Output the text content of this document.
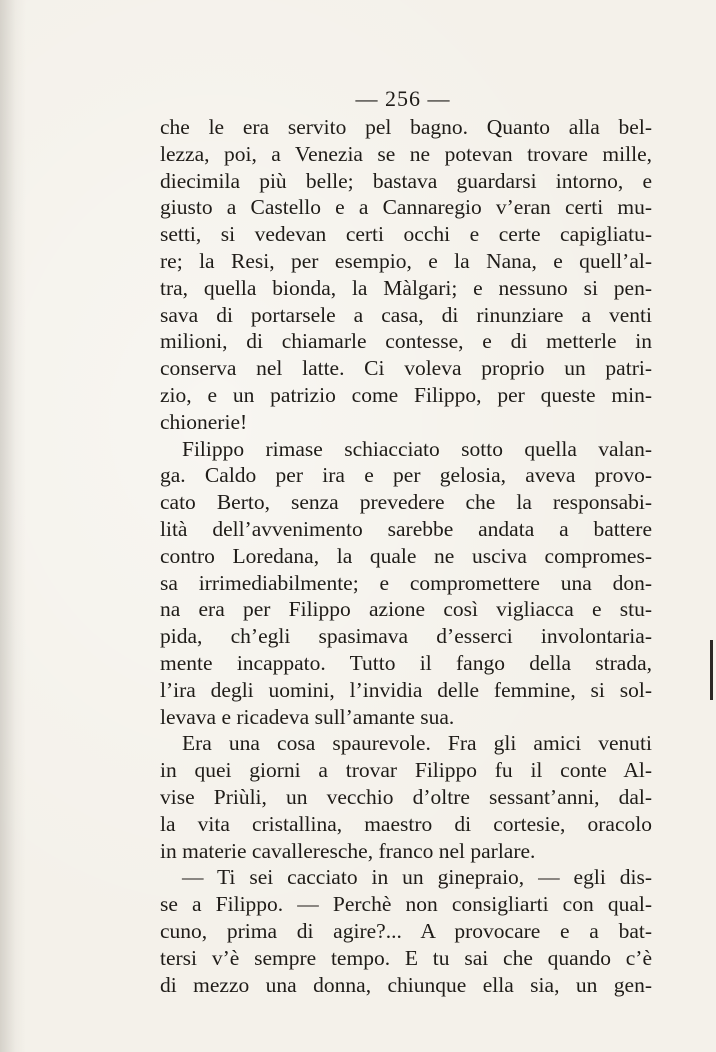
— 256 —
che le era servito pel bagno. Quanto alla bel-
lezza, poi, a Venezia se ne potevan trovare mille,
diecimila più belle; bastava guardarsi intorno, e
giusto a Castello e a Cannaregio v’eran certi mu-
setti, si vedevan certi occhi e certe capigliatu-
re; la Resi, per esempio, e la Nana, e quell’al-
tra, quella bionda, la Màlgari; e nessuno si pen-
sava di portarsele a casa, di rinunziare a venti
milioni, di chiamarle contesse, e di metterle in
conserva nel latte. Ci voleva proprio un patri-
zio, e un patrizio come Filippo, per queste min-
chionerie!
Filippo rimase schiacciato sotto quella valan-
ga. Caldo per ira e per gelosia, aveva provo-
cato Berto, senza prevedere che la responsabi-
lità dell’avvenimento sarebbe andata a battere
contro Loredana, la quale ne usciva compromes-
sa irrimediabilmente; e compromettere una don-
na era per Filippo azione così vigliacca e stu-
pida, ch’egli spasimava d’esserci involontaria-
mente incappato. Tutto il fango della strada,
l’ira degli uomini, l’invidia delle femmine, si sol-
levava e ricadeva sull’amante sua.
Era una cosa spaurevole. Fra gli amici venuti
in quei giorni a trovar Filippo fu il conte Al-
vise Priùli, un vecchio d’oltre sessant’anni, dal-
la vita cristallina, maestro di cortesie, oracolo
in materie cavalleresche, franco nel parlare.
— Ti sei cacciato in un ginepraio, — egli dis-
se a Filippo. — Perchè non consigliarti con qual-
cuno, prima di agire?... A provocare e a bat-
tersi v’è sempre tempo. E tu sai che quando c’è
di mezzo una donna, chiunque ella sia, un gen-
